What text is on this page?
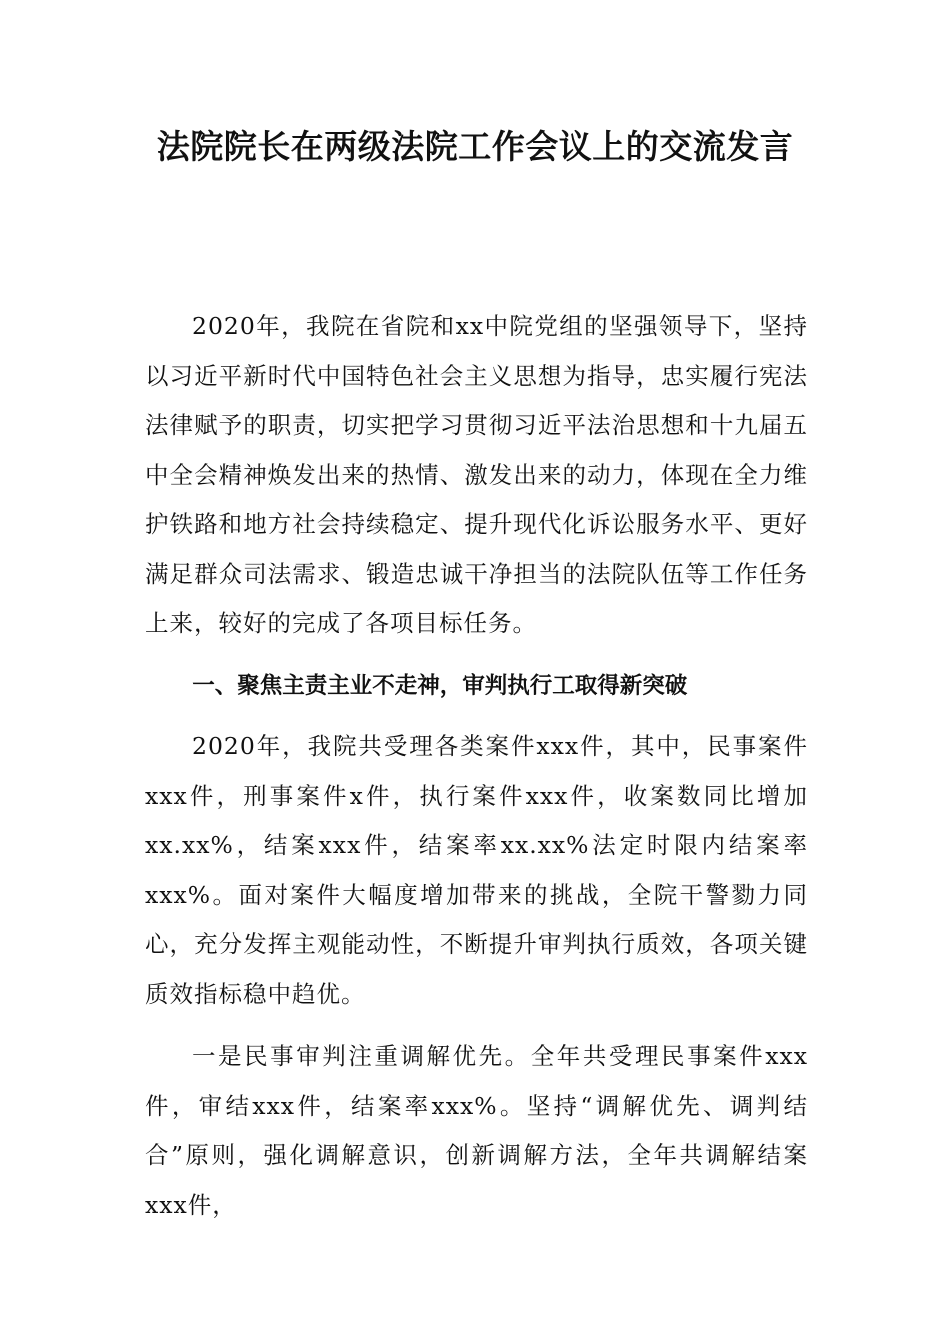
法院院长在两级法院工作会议上的交流发言

2020年，我院在省院和xx中院党组的坚强领导下，坚持以习近平新时代中国特色社会主义思想为指导，忠实履行宪法法律赋予的职责，切实把学习贯彻习近平法治思想和十九届五中全会精神焕发出来的热情、激发出来的动力，体现在全力维护铁路和地方社会持续稳定、提升现代化诉讼服务水平、更好满足群众司法需求、锻造忠诚干净担当的法院队伍等工作任务上来，较好的完成了各项目标任务。

一、聚焦主责主业不走神，审判执行工取得新突破

2020年，我院共受理各类案件xxx件，其中，民事案件xxx件，刑事案件x件，执行案件xxx件，收案数同比增加xx.xx%，结案xxx件，结案率xx.xx%法定时限内结案率xxx%。面对案件大幅度增加带来的挑战，全院干警勠力同心，充分发挥主观能动性，不断提升审判执行质效，各项关键质效指标稳中趋优。

一是民事审判注重调解优先。全年共受理民事案件xxx件，审结xxx件，结案率xxx%。坚持“调解优先、调判结合”原则，强化调解意识，创新调解方法，全年共调解结案xxx件，
